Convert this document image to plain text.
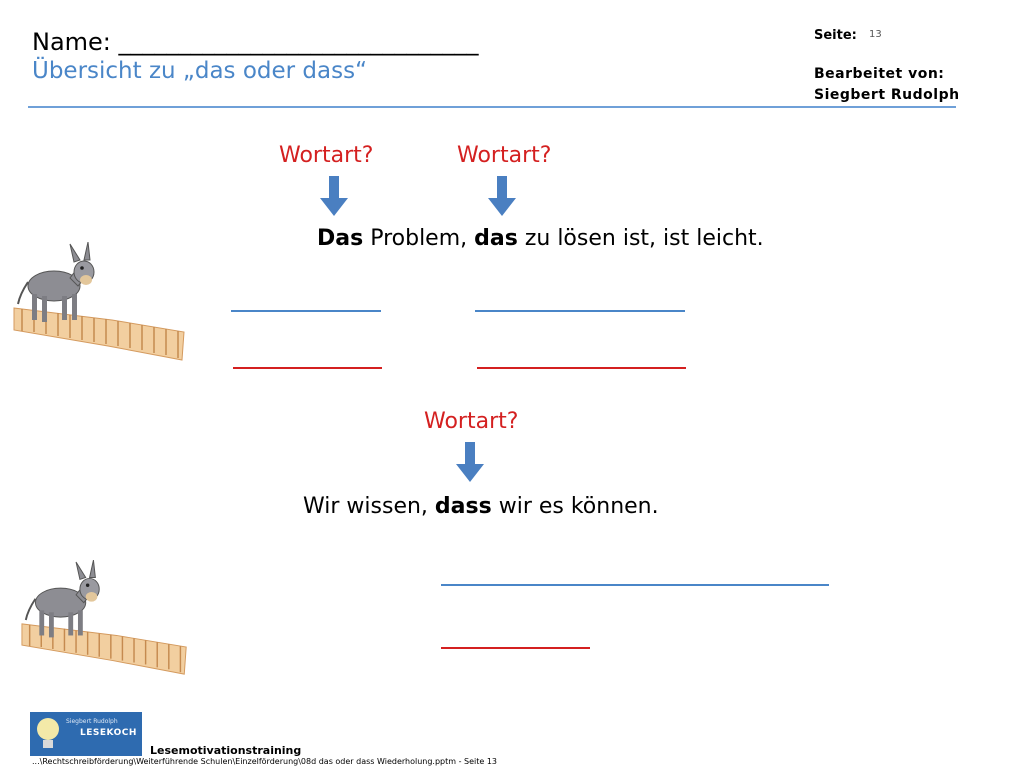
Name: ______________________________
Übersicht zu „das oder dass“
Seite: 13
Bearbeitet von:
Siegbert Rudolph
Wortart?	Wortart?
Das Problem, das zu lösen ist, ist leicht.
Wortart?
Wir wissen, dass wir es können.
Siegbert Rudolph
LESEKOCH
Lesemotivationstraining
...\Rechtschreibförderung\Weiterführende Schulen\Einzelförderung\08d das oder dass Wiederholung.pptm - Seite 13
